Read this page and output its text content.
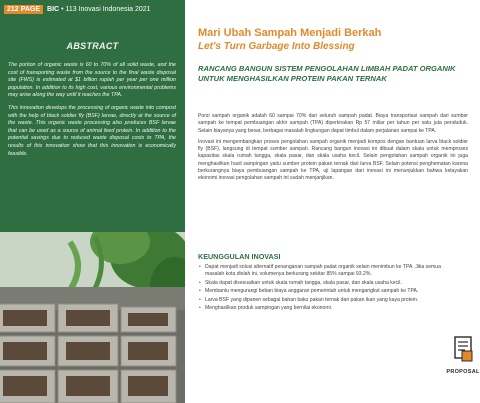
212 PAGE	BIC • 113 Inovasi Indonesia 2021
ABSTRACT

The portion of organic waste is 60 to 70% of all solid waste, and the cost of transporting waste from the source to the final waste disposal site (FWS) is estimated at $1 billion rupiah per year per one million population. In addition to its high cost, various environmental problems may arise along the way until it reaches the TPA.

This innovation develops the processing of organic waste into compost with the help of black soldier fly (BSF) larvae, directly at the source of the waste. This organic waste processing also produces BSF larvae that can be used as a source of animal feed protein. In addition to the potential savings due to reduced waste disposal costs to TPA, the results of this innovation show that this innovation is economically feasible.

Mari Ubah Sampah Menjadi Berkah
Let's Turn Garbage Into Blessing
RANCANG BANGUN SISTEM PENGOLAHAN LIMBAH PADAT ORGANIK UNTUK MENGHASILKAN PROTEIN PAKAN TERNAK

Porsi sampah organik adalah 60 sampai 70% dari seluruh sampah padat. Biaya transportasi sampah dari sumber sampah ke tempat pembuangan akhir sampah (TPA) diperkirakan Rp 57 miliar per tahun per satu juta penduduk. Selain biayanya yang besar, berbagai masalah lingkungan dapat timbul dalam perjalanan sampai ke TPA.

Inovasi ini mengembangkan proses pengolahan sampah organik menjadi kompos dengan bantuan larva black soldier fly (BSF), langsung di tempat sumber sampah. Rancang bangun inovasi ini dibuat dalam skala untuk memproses kapasitas skala rumah tangga, skala pasar, dan skala usaha kecil. Selain pengolahan sampah organik ini juga menghasilkan hasil sampingan yaitu sumber protein pakan ternak dari larva BSF. Selain potensi penghematan karena berkurangnya biaya pembuangan sampah ke TPA, uji lapangan dari inovasi ini menunjukkan bahwa kelayakan ekonomi inovasi pengolahan sampah ini sudah menjanjikan.

KEUNGGULAN INOVASI
• Dapat menjadi solusi alternatif penanganan sampah padat organik selain menimbun ke TPA. Jika semua masalah kota diolah ini, volumenya berkurang sekitar 85% sampai 93.2%.
• Skala dapat disesuaikan untuk skala rumah tangga, skala pasar, dan skala usaha kecil.
• Membantu mengurangi beban biaya anggaran pemerintah untuk mengangkut sampah ke TPA.
• Larva BSF yang dipanen sebagai bahan baku pakan ternak dan pakan ikan yang kaya protein.
• Menghasilkan produk sampingan yang bernilai ekonomi.
PROPOSAL
